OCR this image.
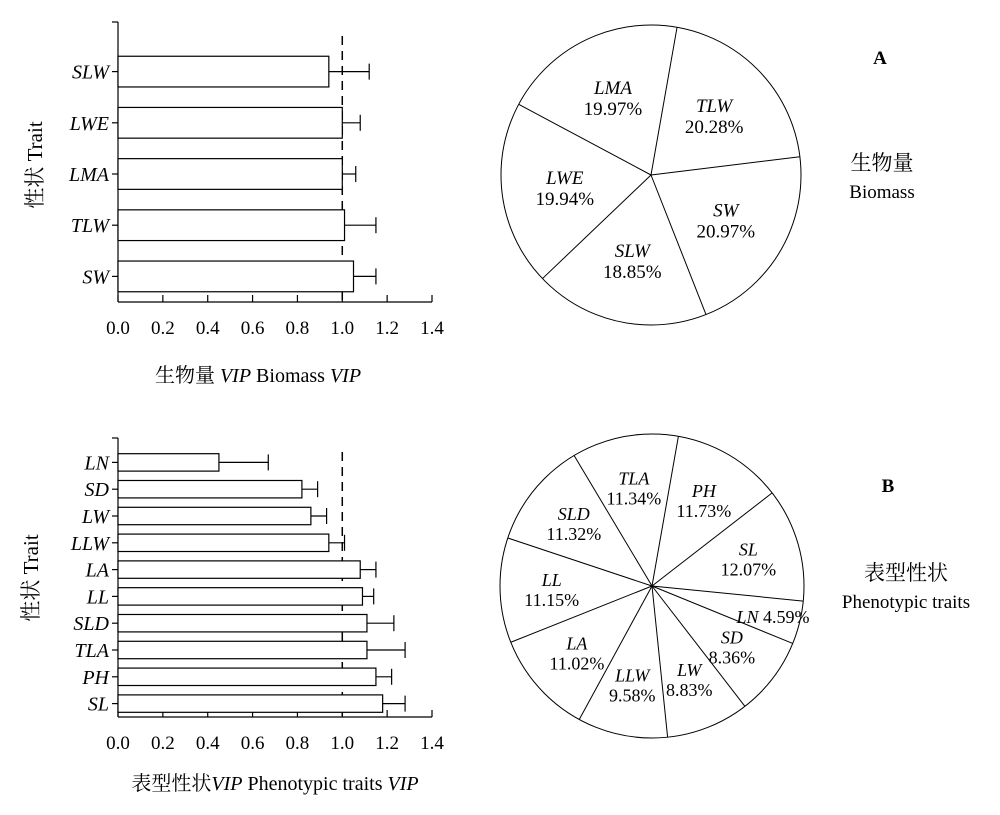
0.0 0.2 0.4 0.6 0.8 1.0 1.2 1.4
SLW
LWE
LMA
TLW
SW
性状 Trait
生物量 VIP Biomass VIP
TLW
20.28%
SW
20.97%
SLW
18.85%
LWE
19.94%
LMA
19.97%
A
生物量
Biomass
0.0 0.2 0.4 0.6 0.8 1.0 1.2 1.4
LN
SD
LW
LLW
LA
LL
SLD
TLA
PH
SL
性状 Trait
表型性状VIP Phenotypic traits VIP
PH
11.73%
SL
12.07%
LN 4.59%
SD
8.36%
LW
8.83%
LLW
9.58%
LA
11.02%
LL
11.15%
SLD
11.32%
TLA
11.34%
B
表型性状
Phenotypic traits
